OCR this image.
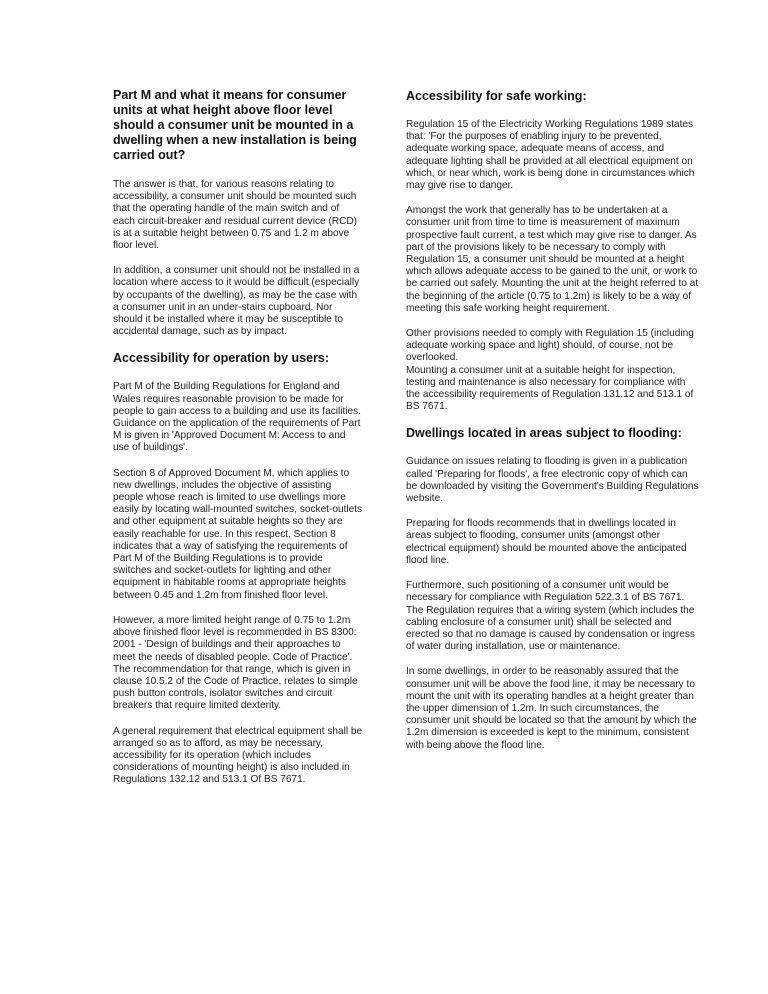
Part M and what it means for consumer units at what height above floor level should a consumer unit be mounted in a dwelling when a new installation is being carried out?

The answer is that, for various reasons relating to accessibility, a consumer unit should be mounted such that the operating handle of the main switch and of each circuit-breaker and residual current device (RCD) is at a suitable height between 0.75 and 1.2 m above floor level.

In addition, a consumer unit should not be installed in a location where access to it would be difficult (especially by occupants of the dwelling), as may be the case with a consumer unit in an under-stairs cupboard. Nor should it be installed where it may be susceptible to accidental damage, such as by impact.

Accessibility for operation by users:

Part M of the Building Regulations for England and Wales requires reasonable provision to be made for people to gain access to a building and use its facilities. Guidance on the application of the requirements of Part M is given in 'Approved Document M: Access to and use of buildings'.

Section 8 of Approved Document M, which applies to new dwellings, includes the objective of assisting people whose reach is limited to use dwellings more easily by locating wall-mounted switches, socket-outlets and other equipment at suitable heights so they are easily reachable for use. In this respect, Section 8 indicates that a way of satisfying the requirements of Part M of the Building Regulations is to provide switches and socket-outlets for lighting and other equipment in habitable rooms at appropriate heights between 0.45 and 1.2m from finished floor level.

However, a more limited height range of 0.75 to 1.2m above finished floor level is recommended in BS 8300: 2001 - 'Design of buildings and their approaches to meet the needs of disabled people. Code of Practice'. The recommendation for that range, which is given in clause 10.5.2 of the Code of Practice, relates to simple push button controls, isolator switches and circuit breakers that require limited dexterity.

A general requirement that electrical equipment shall be arranged so as to afford, as may be necessary, accessibility for its operation (which includes considerations of mounting height) is also included in Regulations 132.12 and 513.1 Of BS 7671.

Accessibility for safe working:

Regulation 15 of the Electricity Working Regulations 1989 states that: 'For the purposes of enabling injury to be prevented, adequate working space, adequate means of access, and adequate lighting shall be provided at all electrical equipment on which, or near which, work is being done in circumstances which may give rise to danger.

Amongst the work that generally has to be undertaken at a consumer unit from time to time is measurement of maximum prospective fault current, a test which may give rise to danger. As part of the provisions likely to be necessary to comply with Regulation 15, a consumer unit should be mounted at a height which allows adequate access to be gained to the unit, or work to be carried out safely. Mounting the unit at the height referred to at the beginning of the article (0.75 to 1.2m) is likely to be a way of meeting this safe working height requirement.

Other provisions needed to comply with Regulation 15 (including adequate working space and light) should, of course, not be overlooked.
Mounting a consumer unit at a suitable height for inspection, testing and maintenance is also necessary for compliance with the accessibility requirements of Regulation 131.12 and 513.1 of BS 7671.

Dwellings located in areas subject to flooding:

Guidance on issues relating to flooding is given in a publication called 'Preparing for floods', a free electronic copy of which can be downloaded by visiting the Government's Building Regulations website.

Preparing for floods recommends that in dwellings located in areas subject to flooding, consumer units (amongst other electrical equipment) should be mounted above the anticipated flood line.

Furthermore, such positioning of a consumer unit would be necessary for compliance with Regulation 522.3.1 of BS 7671. The Regulation requires that a wiring system (which includes the cabling enclosure of a consumer unit) shall be selected and erected so that no damage is caused by condensation or ingress of water during installation, use or maintenance.

In some dwellings, in order to be reasonably assured that the consumer unit will be above the food line, it may be necessary to mount the unit with its operating handles at a height greater than the upper dimension of 1.2m. In such circumstances, the consumer unit should be located so that the amount by which the 1.2m dimension is exceeded is kept to the minimum, consistent with being above the flood line.
